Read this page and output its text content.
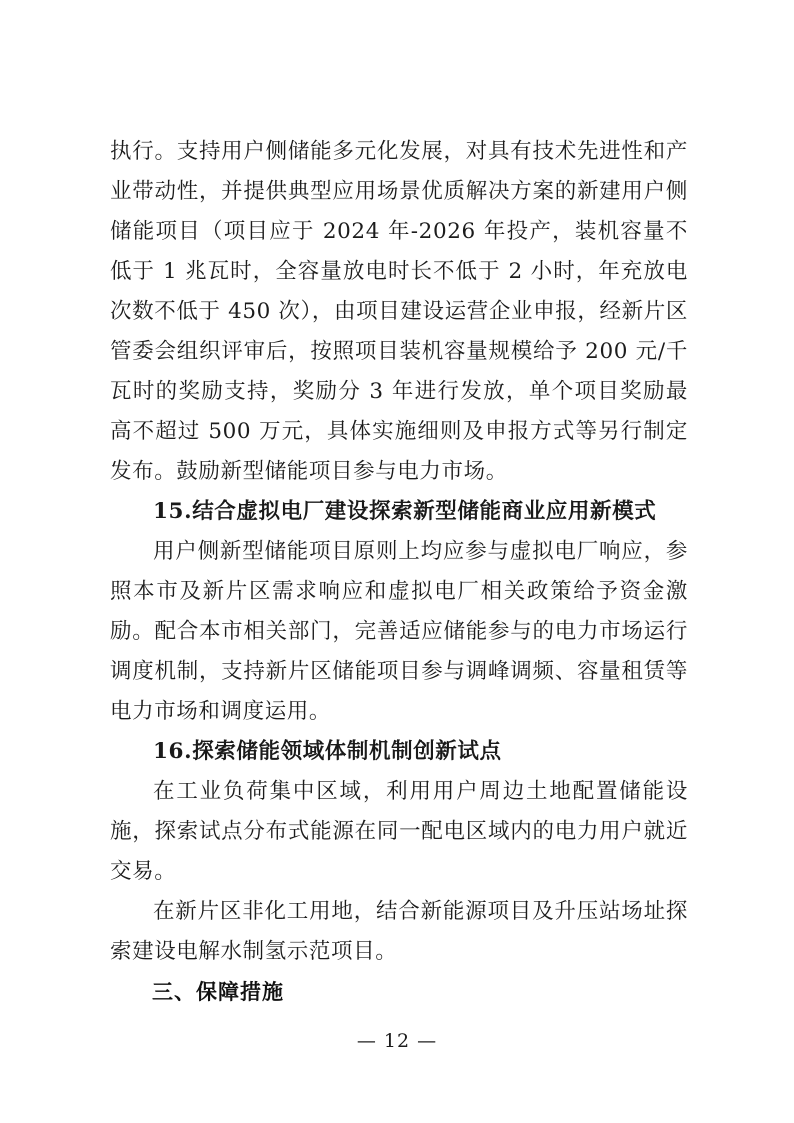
执行。支持用户侧储能多元化发展，对具有技术先进性和产业带动性，并提供典型应用场景优质解决方案的新建用户侧储能项目（项目应于 2024 年-2026 年投产，装机容量不低于 1 兆瓦时，全容量放电时长不低于 2 小时，年充放电次数不低于 450 次），由项目建设运营企业申报，经新片区管委会组织评审后，按照项目装机容量规模给予 200 元/千瓦时的奖励支持，奖励分 3 年进行发放，单个项目奖励最高不超过 500 万元，具体实施细则及申报方式等另行制定发布。鼓励新型储能项目参与电力市场。

15.结合虚拟电厂建设探索新型储能商业应用新模式

用户侧新型储能项目原则上均应参与虚拟电厂响应，参照本市及新片区需求响应和虚拟电厂相关政策给予资金激励。配合本市相关部门，完善适应储能参与的电力市场运行调度机制，支持新片区储能项目参与调峰调频、容量租赁等电力市场和调度运用。

16.探索储能领域体制机制创新试点

在工业负荷集中区域，利用用户周边土地配置储能设施，探索试点分布式能源在同一配电区域内的电力用户就近交易。

在新片区非化工用地，结合新能源项目及升压站场址探索建设电解水制氢示范项目。

三、保障措施

— 12 —
